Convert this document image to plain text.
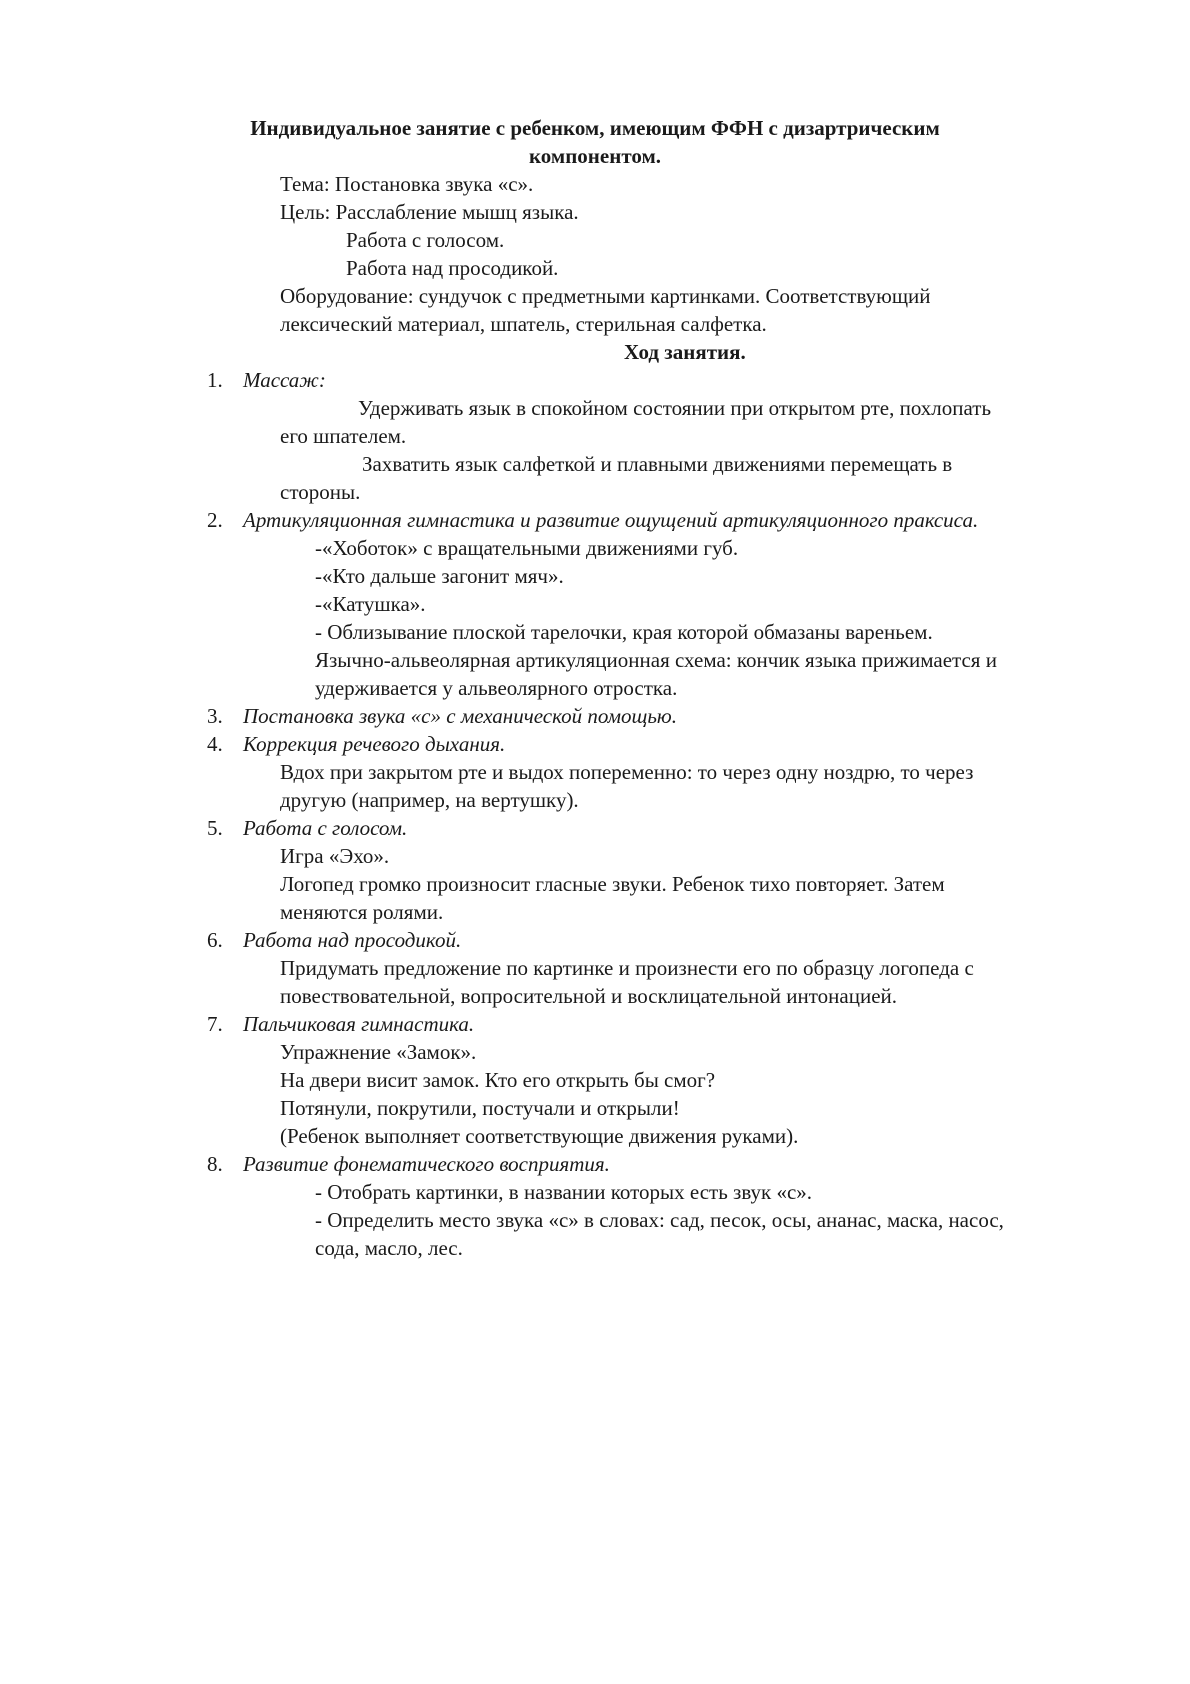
Индивидуальное занятие с ребенком, имеющим ФФН с дизартрическим
компонентом.
Тема: Постановка звука «с».
Цель: Расслабление мышц языка.
Работа с голосом.
Работа над просодикой.
Оборудование: сундучок с предметными картинками. Соответствующий
лексический материал, шпатель, стерильная салфетка.
Ход занятия.
1. Массаж:
Удерживать язык в спокойном состоянии при открытом рте, похлопать
его шпателем.
Захватить язык салфеткой и плавными движениями перемещать в
стороны.
2. Артикуляционная гимнастика и развитие ощущений артикуляционного праксиса.
-«Хоботок» с вращательными движениями губ.
-«Кто дальше загонит мяч».
-«Катушка».
- Облизывание плоской тарелочки, края которой обмазаны вареньем.
Язычно-альвеолярная артикуляционная схема: кончик языка прижимается и
удерживается у альвеолярного отростка.
3. Постановка звука «с» с механической помощью.
4. Коррекция речевого дыхания.
Вдох при закрытом рте и выдох попеременно: то через одну ноздрю, то через
другую (например, на вертушку).
5. Работа с голосом.
Игра «Эхо».
Логопед громко произносит гласные звуки. Ребенок тихо повторяет. Затем
меняются ролями.
6. Работа над просодикой.
Придумать предложение по картинке и произнести его по образцу логопеда с
повествовательной, вопросительной и восклицательной интонацией.
7. Пальчиковая гимнастика.
Упражнение «Замок».
На двери висит замок. Кто его открыть бы смог?
Потянули, покрутили, постучали и открыли!
(Ребенок выполняет соответствующие движения руками).
8. Развитие фонематического восприятия.
- Отобрать картинки, в названии которых есть звук «с».
- Определить место звука «с» в словах: сад, песок, осы, ананас, маска, насос,
сода, масло, лес.
